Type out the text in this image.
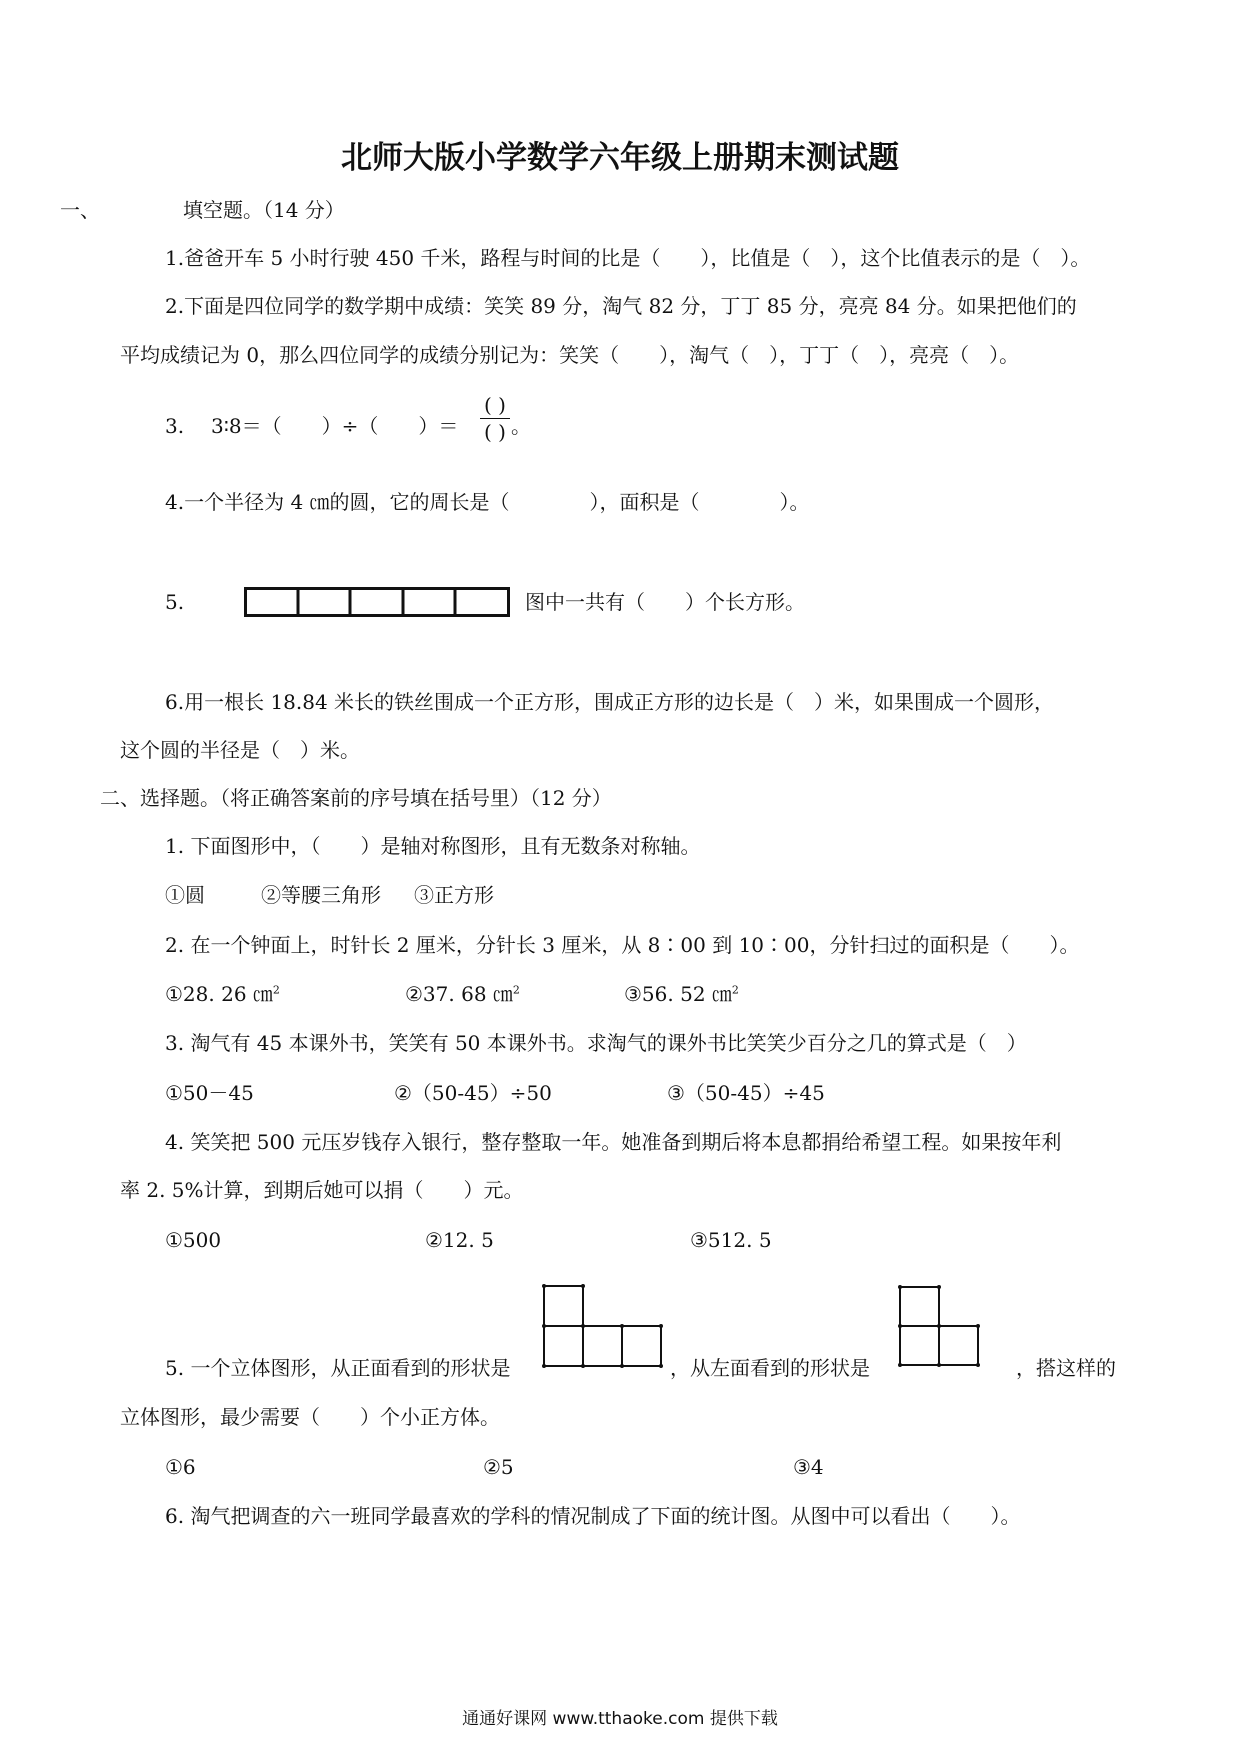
北师大版小学数学六年级上册期末测试题
一、	填空题。（14 分）
1.爸爸开车 5 小时行驶 450 千米，路程与时间的比是（　　），比值是（　），这个比值表示的是（　）。
2.下面是四位同学的数学期中成绩：笑笑 89 分，淘气 82 分，丁丁 85 分，亮亮 84 分。如果把他们的
平均成绩记为 0，那么四位同学的成绩分别记为：笑笑（　　），淘气（　），丁丁（　），亮亮（　）。
3. 3∶8＝（　　）÷（　　）＝
( )
( ) 。
4.一个半径为 4 ㎝的圆，它的周长是（　　　　），面积是（　　　　）。
5.	图中一共有（　　）个长方形。
6.用一根长 18.84 米长的铁丝围成一个正方形，围成正方形的边长是（　）米，如果围成一个圆形，
这个圆的半径是（　）米。
二、选择题。（将正确答案前的序号填在括号里）（12 分）
1. 下面图形中，（　　）是轴对称图形，且有无数条对称轴。
①圆	②等腰三角形 ③正方形
2. 在一个钟面上，时针长 2 厘米，分针长 3 厘米，从 8∶00 到 10∶00，分针扫过的面积是（　　）。
①28. 26 ㎝$^2$	②37. 68 ㎝$^2$	③56. 52 ㎝$^2$
3. 淘气有 45 本课外书，笑笑有 50 本课外书。求淘气的课外书比笑笑少百分之几的算式是（　）
①50－45	②（50-45）÷50	③（50-45）÷45
4. 笑笑把 500 元压岁钱存入银行，整存整取一年。她准备到期后将本息都捐给希望工程。如果按年利
率 2. 5%计算，到期后她可以捐（　　）元。
①500	②12. 5	③512. 5
5. 一个立体图形，从正面看到的形状是	，从左面看到的形状是	，搭这样的
立体图形，最少需要（　　）个小正方体。
①6	②5	③4
6. 淘气把调查的六一班同学最喜欢的学科的情况制成了下面的统计图。从图中可以看出（　　）。
通通好课网 www.tthaoke.com 提供下载
